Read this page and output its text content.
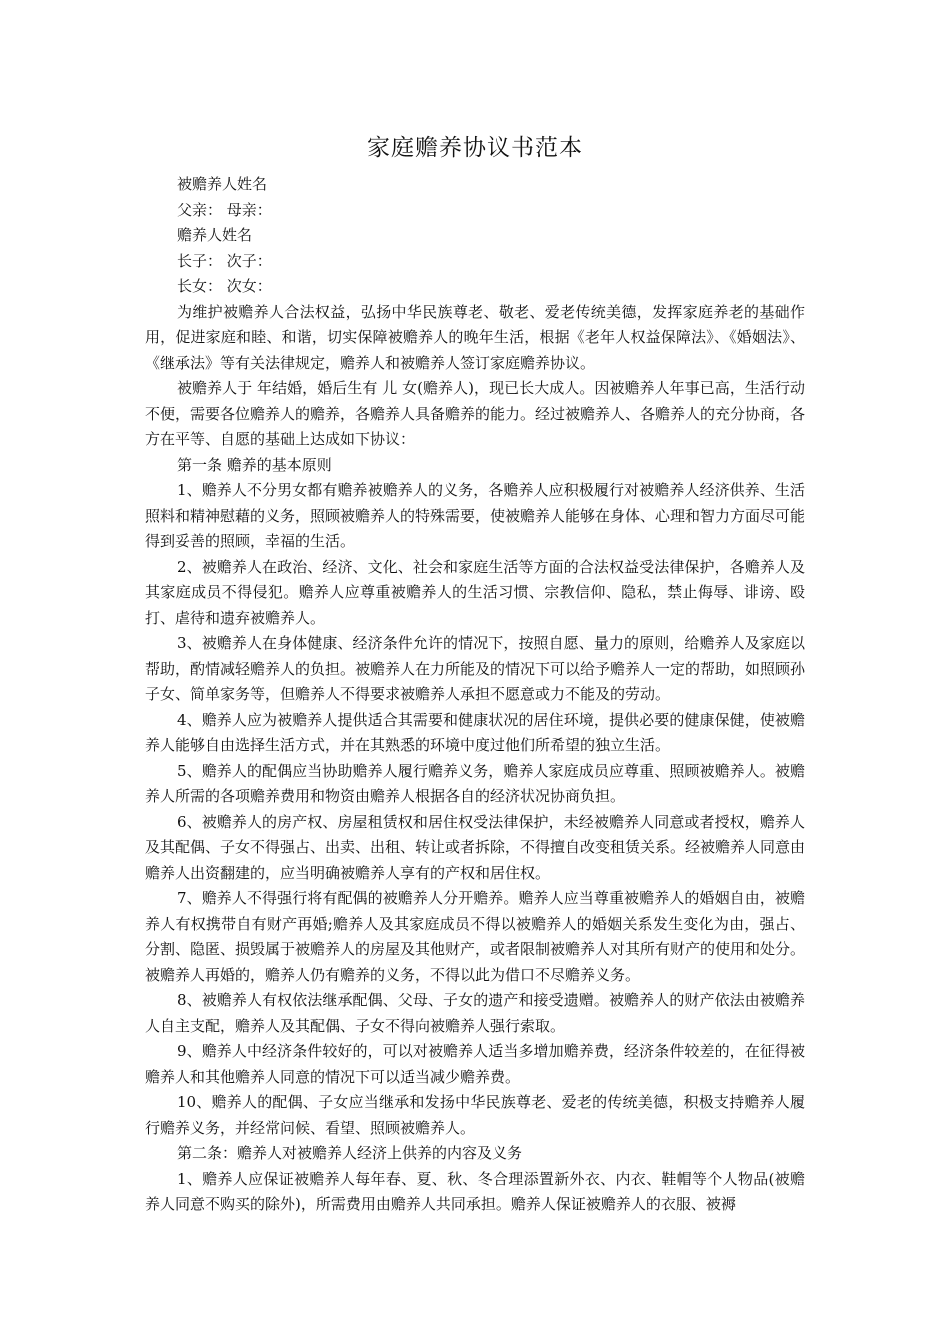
家庭赡养协议书范本

被赡养人姓名

父亲： 母亲：

赡养人姓名

长子： 次子：

长女： 次女：

为维护被赡养人合法权益，弘扬中华民族尊老、敬老、爱老传统美德，发挥家庭养老的基础作用，促进家庭和睦、和谐，切实保障被赡养人的晚年生活，根据《老年人权益保障法》、《婚姻法》、《继承法》等有关法律规定，赡养人和被赡养人签订家庭赡养协议。

被赡养人于 年结婚，婚后生有 儿 女(赡养人)，现已长大成人。因被赡养人年事已高，生活行动不便，需要各位赡养人的赡养，各赡养人具备赡养的能力。经过被赡养人、各赡养人的充分协商，各方在平等、自愿的基础上达成如下协议：

第一条 赡养的基本原则

1、赡养人不分男女都有赡养被赡养人的义务，各赡养人应积极履行对被赡养人经济供养、生活照料和精神慰藉的义务，照顾被赡养人的特殊需要，使被赡养人能够在身体、心理和智力方面尽可能得到妥善的照顾，幸福的生活。

2、被赡养人在政治、经济、文化、社会和家庭生活等方面的合法权益受法律保护，各赡养人及其家庭成员不得侵犯。赡养人应尊重被赡养人的生活习惯、宗教信仰、隐私，禁止侮辱、诽谤、殴打、虐待和遗弃被赡养人。

3、被赡养人在身体健康、经济条件允许的情况下，按照自愿、量力的原则，给赡养人及家庭以帮助，酌情减轻赡养人的负担。被赡养人在力所能及的情况下可以给予赡养人一定的帮助，如照顾孙子女、简单家务等，但赡养人不得要求被赡养人承担不愿意或力不能及的劳动。

4、赡养人应为被赡养人提供适合其需要和健康状况的居住环境，提供必要的健康保健，使被赡养人能够自由选择生活方式，并在其熟悉的环境中度过他们所希望的独立生活。

5、赡养人的配偶应当协助赡养人履行赡养义务，赡养人家庭成员应尊重、照顾被赡养人。被赡养人所需的各项赡养费用和物资由赡养人根据各自的经济状况协商负担。

6、被赡养人的房产权、房屋租赁权和居住权受法律保护，未经被赡养人同意或者授权，赡养人及其配偶、子女不得强占、出卖、出租、转让或者拆除，不得擅自改变租赁关系。经被赡养人同意由赡养人出资翻建的，应当明确被赡养人享有的产权和居住权。

7、赡养人不得强行将有配偶的被赡养人分开赡养。赡养人应当尊重被赡养人的婚姻自由，被赡养人有权携带自有财产再婚;赡养人及其家庭成员不得以被赡养人的婚姻关系发生变化为由，强占、分割、隐匿、损毁属于被赡养人的房屋及其他财产，或者限制被赡养人对其所有财产的使用和处分。被赡养人再婚的，赡养人仍有赡养的义务，不得以此为借口不尽赡养义务。

8、被赡养人有权依法继承配偶、父母、子女的遗产和接受遗赠。被赡养人的财产依法由被赡养人自主支配，赡养人及其配偶、子女不得向被赡养人强行索取。

9、赡养人中经济条件较好的，可以对被赡养人适当多增加赡养费，经济条件较差的，在征得被赡养人和其他赡养人同意的情况下可以适当减少赡养费。

10、赡养人的配偶、子女应当继承和发扬中华民族尊老、爱老的传统美德，积极支持赡养人履行赡养义务，并经常问候、看望、照顾被赡养人。

第二条：赡养人对被赡养人经济上供养的内容及义务

1、赡养人应保证被赡养人每年春、夏、秋、冬合理添置新外衣、内衣、鞋帽等个人物品(被赡养人同意不购买的除外)，所需费用由赡养人共同承担。赡养人保证被赡养人的衣服、被褥
